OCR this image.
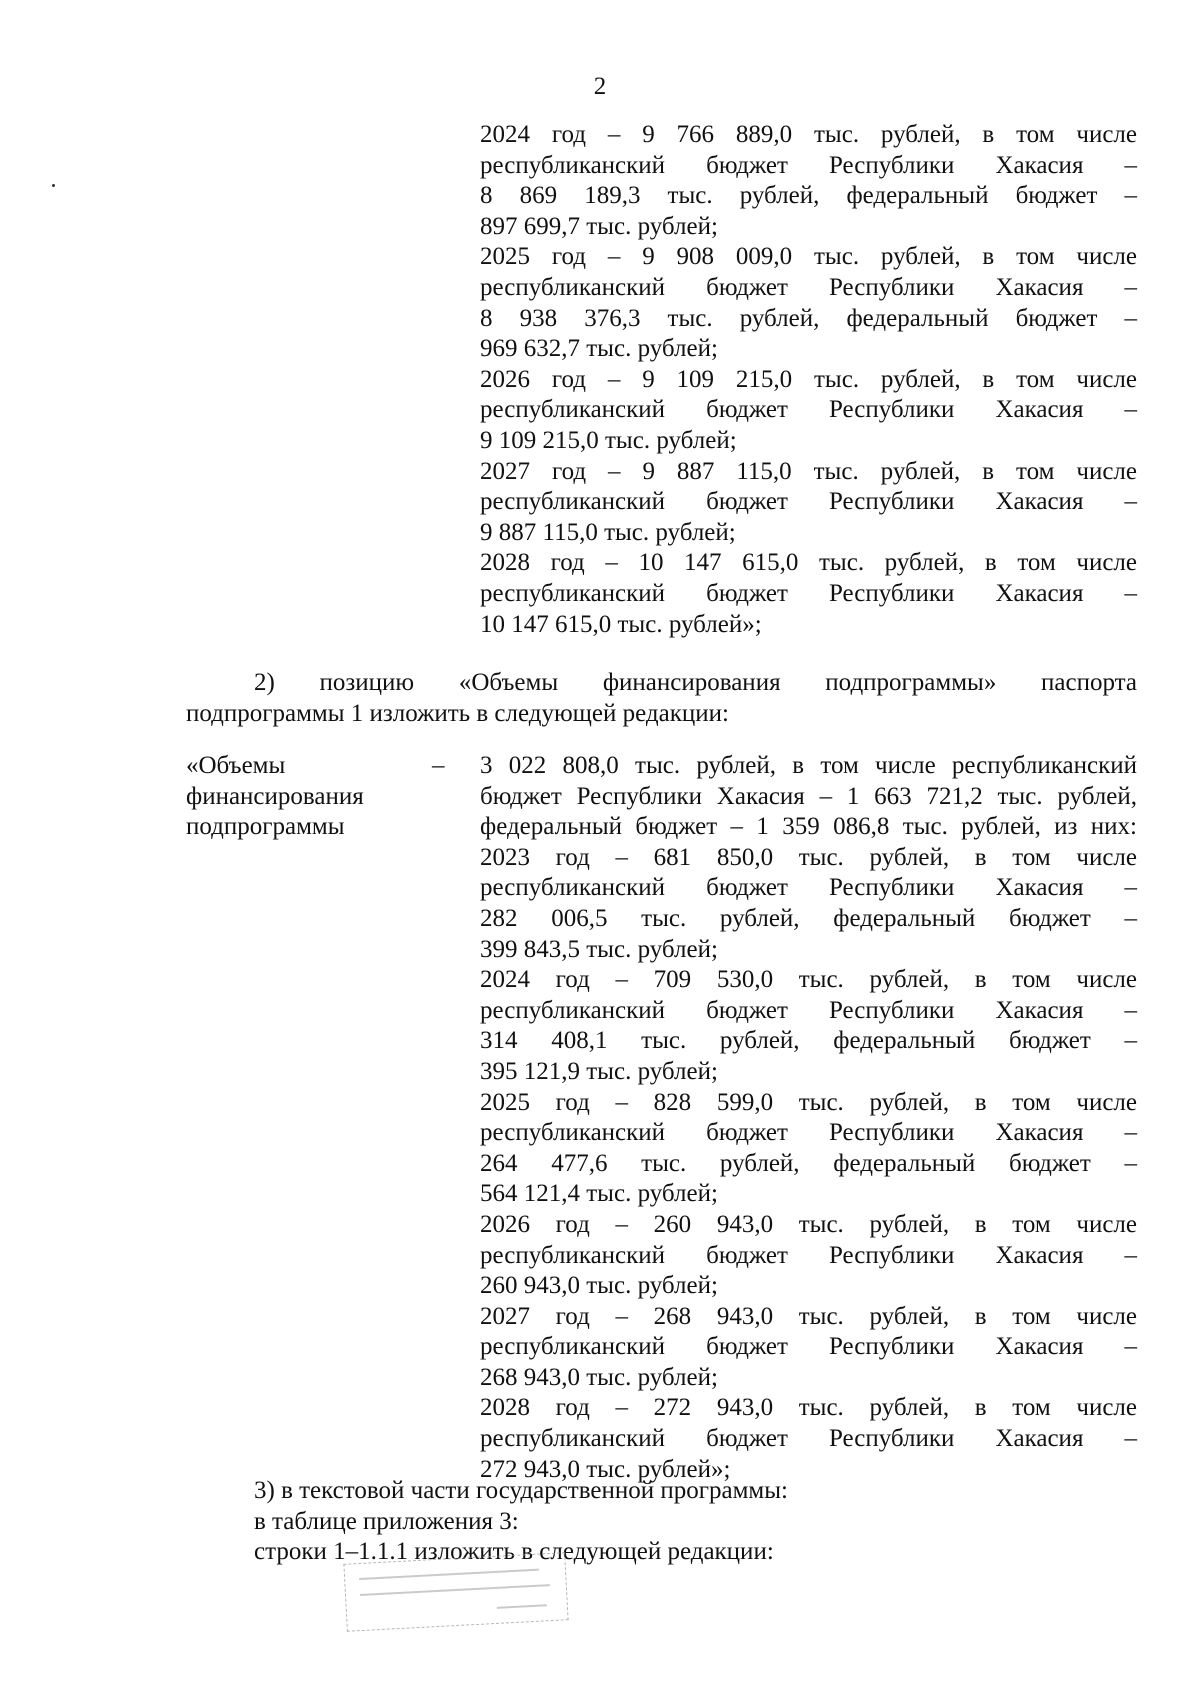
2
2024 год – 9 766 889,0 тыс. рублей, в том числе
республиканский бюджет Республики Хакасия –
8 869 189,3 тыс. рублей, федеральный бюджет –
897 699,7 тыс. рублей;
2025 год – 9 908 009,0 тыс. рублей, в том числе
республиканский бюджет Республики Хакасия –
8 938 376,3 тыс. рублей, федеральный бюджет –
969 632,7 тыс. рублей;
2026 год – 9 109 215,0 тыс. рублей, в том числе
республиканский бюджет Республики Хакасия –
9 109 215,0 тыс. рублей;
2027 год – 9 887 115,0 тыс. рублей, в том числе
республиканский бюджет Республики Хакасия –
9 887 115,0 тыс. рублей;
2028 год – 10 147 615,0 тыс. рублей, в том числе
республиканский бюджет Республики Хакасия –
10 147 615,0 тыс. рублей»;
2) позицию «Объемы финансирования подпрограммы» паспорта
подпрограммы 1 изложить в следующей редакции:
«Объемы
финансирования
подпрограммы
– 3 022 808,0 тыс. рублей, в том числе республиканский
бюджет Республики Хакасия – 1 663 721,2 тыс. рублей,
федеральный бюджет – 1 359 086,8 тыс. рублей, из них:
2023 год – 681 850,0 тыс. рублей, в том числе
республиканский бюджет Республики Хакасия –
282 006,5 тыс. рублей, федеральный бюджет –
399 843,5 тыс. рублей;
2024 год – 709 530,0 тыс. рублей, в том числе
республиканский бюджет Республики Хакасия –
314 408,1 тыс. рублей, федеральный бюджет –
395 121,9 тыс. рублей;
2025 год – 828 599,0 тыс. рублей, в том числе
республиканский бюджет Республики Хакасия –
264 477,6 тыс. рублей, федеральный бюджет –
564 121,4 тыс. рублей;
2026 год – 260 943,0 тыс. рублей, в том числе
республиканский бюджет Республики Хакасия –
260 943,0 тыс. рублей;
2027 год – 268 943,0 тыс. рублей, в том числе
республиканский бюджет Республики Хакасия –
268 943,0 тыс. рублей;
2028 год – 272 943,0 тыс. рублей, в том числе
республиканский бюджет Республики Хакасия –
272 943,0 тыс. рублей»;
3) в текстовой части государственной программы:
в таблице приложения 3:
строки 1–1.1.1 изложить в следующей редакции:
